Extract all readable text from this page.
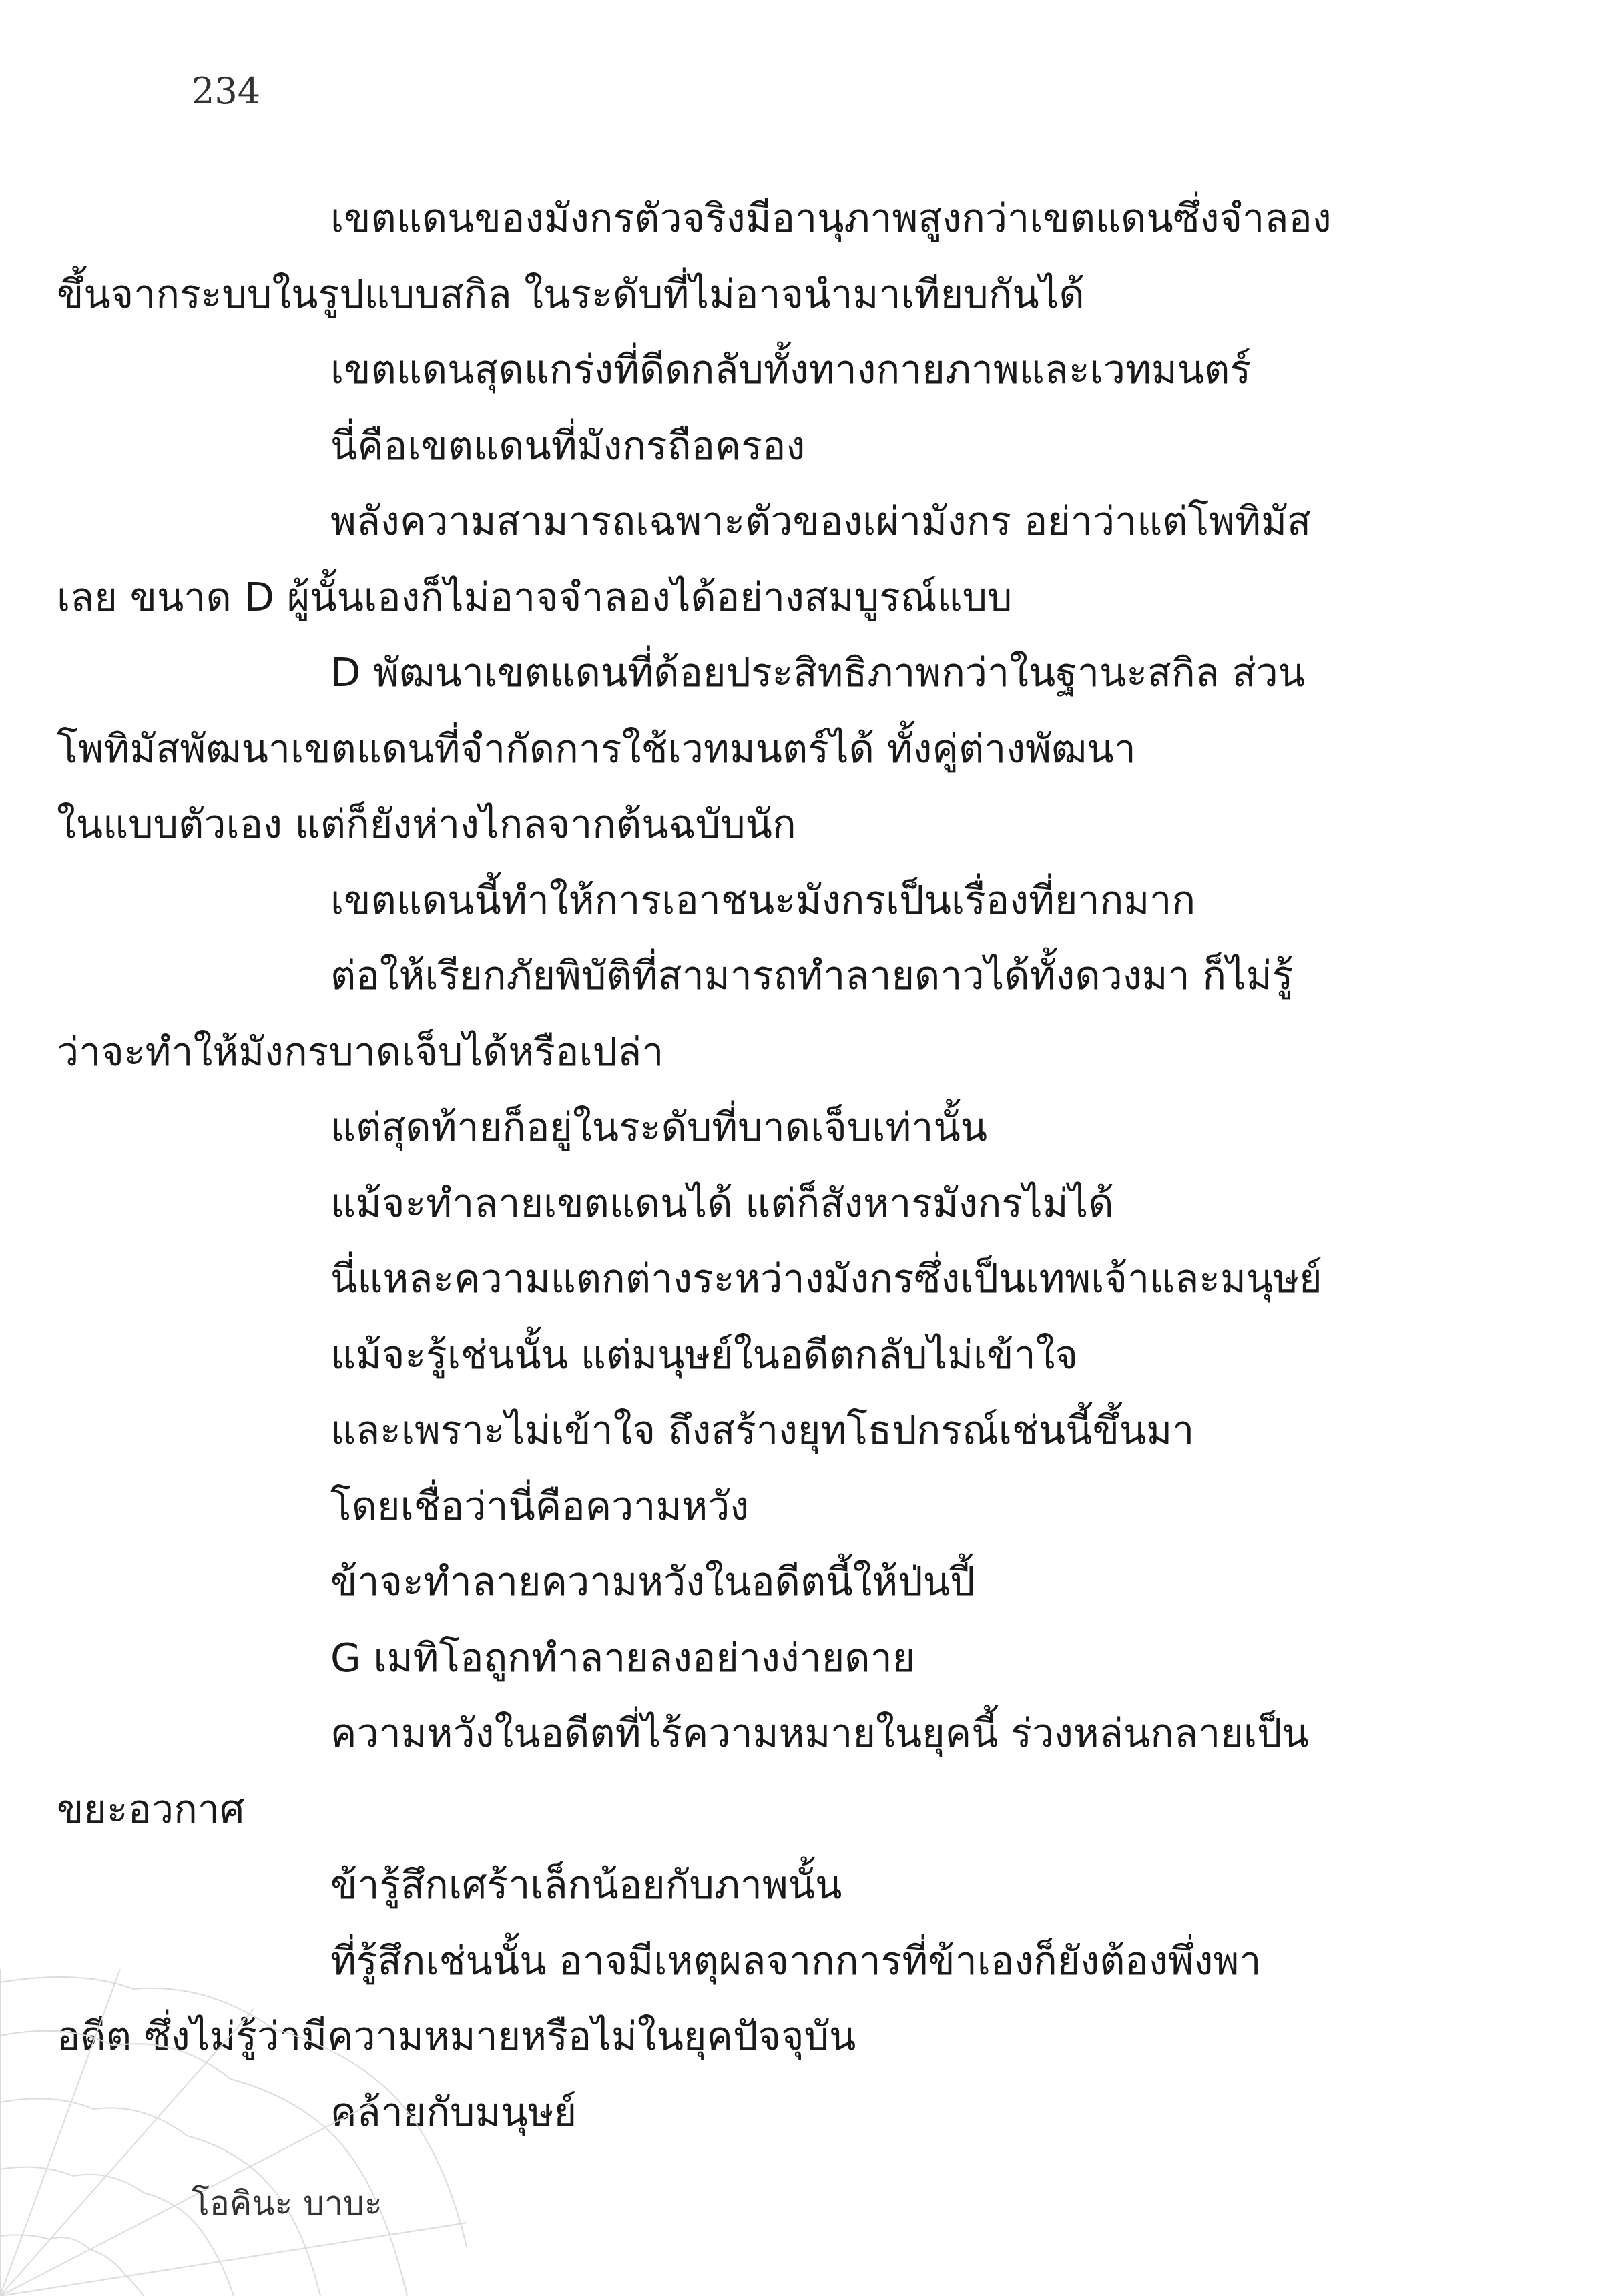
234

เขตแดนของมังกรตัวจริงมีอานุภาพสูงกว่าเขตแดนซึ่งจำลอง
ขึ้นจากระบบในรูปแบบสกิล ในระดับที่ไม่อาจนำมาเทียบกันได้

เขตแดนสุดแกร่งที่ดีดกลับทั้งทางกายภาพและเวทมนตร์

นี่คือเขตแดนที่มังกรถือครอง

พลังความสามารถเฉพาะตัวของเผ่ามังกร อย่าว่าแต่โพทิมัส
เลย ขนาด D ผู้นั้นเองก็ไม่อาจจำลองได้อย่างสมบูรณ์แบบ

D พัฒนาเขตแดนที่ด้อยประสิทธิภาพกว่าในฐานะสกิล ส่วน
โพทิมัสพัฒนาเขตแดนที่จำกัดการใช้เวทมนตร์ได้ ทั้งคู่ต่างพัฒนา
ในแบบตัวเอง แต่ก็ยังห่างไกลจากต้นฉบับนัก

เขตแดนนี้ทำให้การเอาชนะมังกรเป็นเรื่องที่ยากมาก

ต่อให้เรียกภัยพิบัติที่สามารถทำลายดาวได้ทั้งดวงมา ก็ไม่รู้
ว่าจะทำให้มังกรบาดเจ็บได้หรือเปล่า

แต่สุดท้ายก็อยู่ในระดับที่บาดเจ็บเท่านั้น

แม้จะทำลายเขตแดนได้ แต่ก็สังหารมังกรไม่ได้

นี่แหละความแตกต่างระหว่างมังกรซึ่งเป็นเทพเจ้าและมนุษย์

แม้จะรู้เช่นนั้น แต่มนุษย์ในอดีตกลับไม่เข้าใจ

และเพราะไม่เข้าใจ ถึงสร้างยุทโธปกรณ์เช่นนี้ขึ้นมา

โดยเชื่อว่านี่คือความหวัง

ข้าจะทำลายความหวังในอดีตนี้ให้ป่นปี้

G เมทิโอถูกทำลายลงอย่างง่ายดาย

ความหวังในอดีตที่ไร้ความหมายในยุคนี้ ร่วงหล่นกลายเป็น
ขยะอวกาศ

ข้ารู้สึกเศร้าเล็กน้อยกับภาพนั้น

ที่รู้สึกเช่นนั้น อาจมีเหตุผลจากการที่ข้าเองก็ยังต้องพึ่งพา
อดีต ซึ่งไม่รู้ว่ามีความหมายหรือไม่ในยุคปัจจุบัน

คล้ายกับมนุษย์

โอคินะ บาบะ
